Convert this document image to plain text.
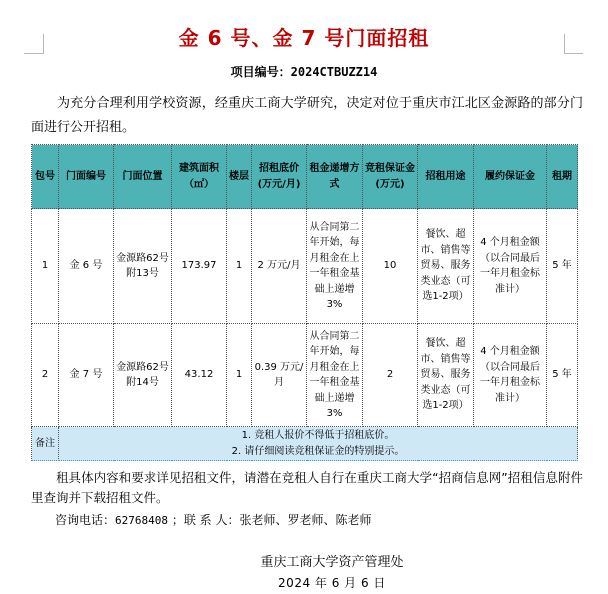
金 6 号、金 7 号门面招租
项目编号：2024CTBUZZ14
为充分合理利用学校资源，经重庆工商大学研究，决定对位于重庆市江北区金源路的部分门面进行公开招租。
包号	门面编号	门面位置	建筑面积（㎡）	楼层	招租底价(万元/月)	租金递增方式	竞租保证金(万元)	招租用途	履约保证金	租期
1	金 6 号	金源路62号附13号	173.97	1	2 万元/月	从合同第二年开始，每月租金在上一年租金基础上递增 3%	10	餐饮、超市、销售等贸易、服务类业态（可选1-2项）	4 个月租金额（以合同最后一年月租金标准计）	5 年
2	金 7 号	金源路62号附14号	43.12	1	0.39 万元/月	从合同第二年开始，每月租金在上一年租金基础上递增 3%	2	餐饮、超市、销售等贸易、服务类业态（可选1-2项）	4 个月租金额（以合同最后一年月租金标准计）	5 年
备注	1. 竞租人报价不得低于招租底价。
2. 请仔细阅读竞租保证金的特别提示。									
租具体内容和要求详见招租文件，请潜在竞租人自行在重庆工商大学“招商信息网”招租信息附件里查询并下载招租文件。
咨询电话：62768408 ；联 系 人：张老师、罗老师、陈老师
重庆工商大学资产管理处
2024 年 6 月 6 日
